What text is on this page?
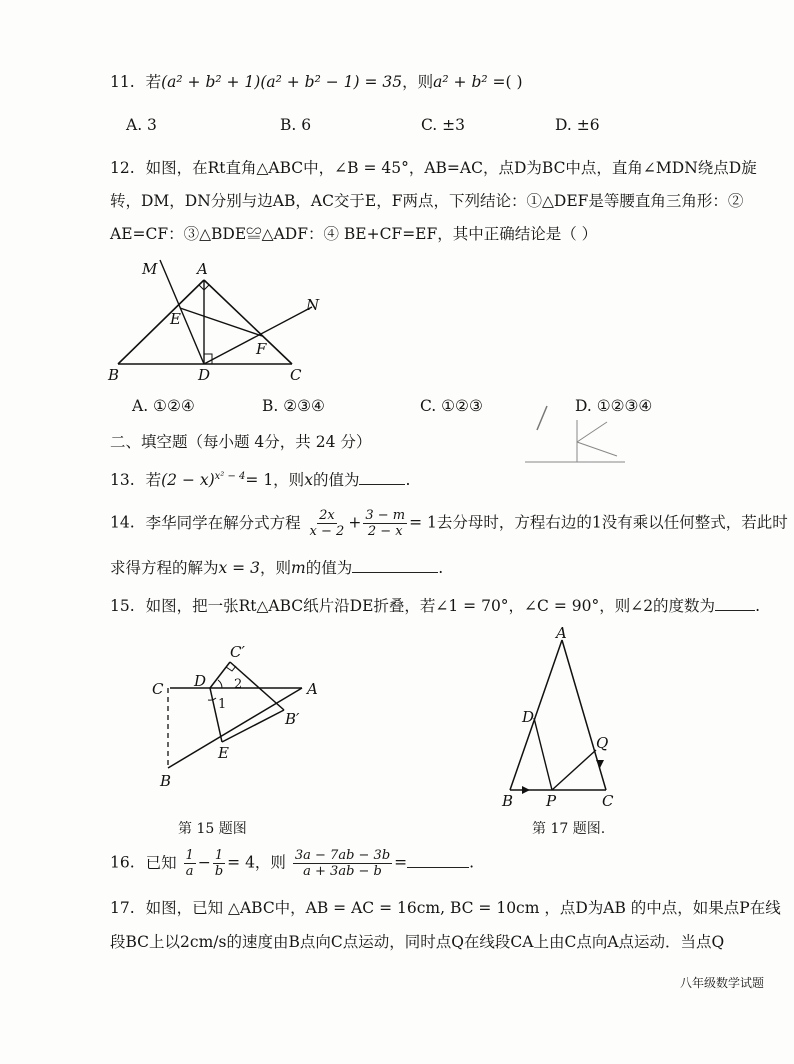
11. 若(a² + b² + 1)(a² + b² − 1) = 35，则a² + b² =( )
A. 3	B. 6	C. ±3	D. ±6
12. 如图，在Rt直角△ABC中，∠B = 45°，AB=AC，点D为BC中点，直角∠MDN绕点D旋
转，DM，DN分别与边AB，AC交于E，F两点，下列结论：①△DEF是等腰直角三角形：②
AE=CF：③△BDE≌△ADF：④ BE+CF=EF，其中正确结论是（ ）
M	A
E
N
F
B	D	C
A. ①②④	B. ②③④	C. ①②③	D. ①②③④
二、填空题（每小题 4分，共 24 分）
13. 若$(2 - x)^{x^2 - 4}= 1$，则x的值为	.
14. 李华同学在解分式方程 $\frac{2x}{x - 2} + \frac{3 - m}{2 - x} = 1$去分母时，方程右边的1没有乘以任何整式，若此时
求得方程的解为x = 3，则m的值为	.
15. 如图，把一张Rt△ABC纸片沿DE折叠，若∠1 = 70°，∠C = 90°，则∠2的度数为	.
C′
C D 2	A
1
B′
E
B
第 15 题图
A
D
Q
B P	C
第 17 题图.
16. 已知 $\frac{1}{a} - \frac{1}{b} = 4$，则 $\frac{3a - 7ab - 3b}{a + 3ab - b}$ =	.
17. 如图，已知 △ABC中，AB = AC = 16cm, BC = 10cm ，点D为AB 的中点，如果点P在线
段BC上以2cm/s的速度由B点向C点运动，同时点Q在线段CA上由C点向A点运动．当点Q
八年级数学试题
